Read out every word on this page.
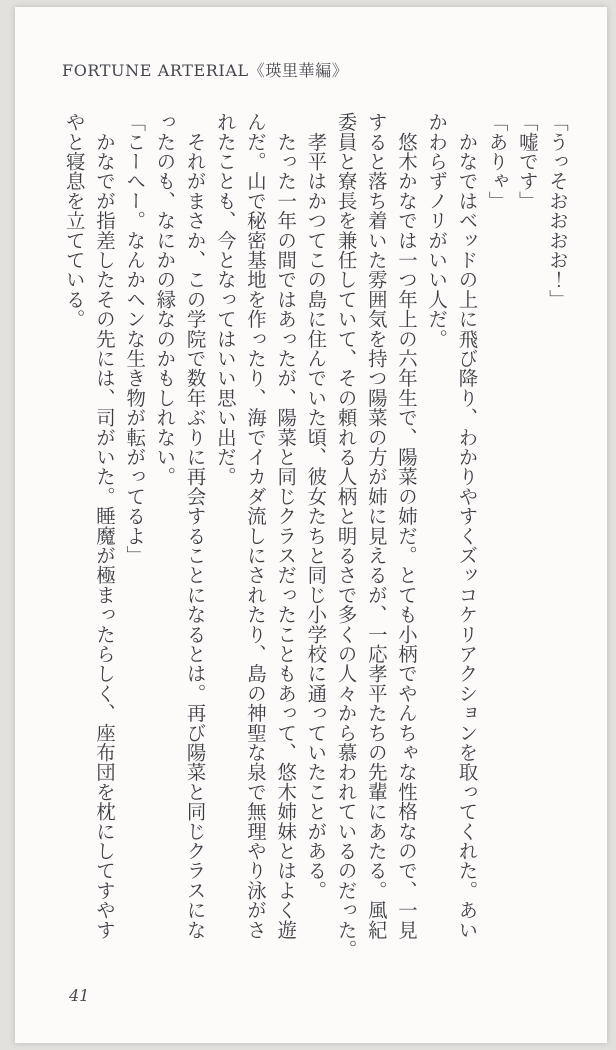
FORTUNE ARTERIAL《瑛里華編》

「うっそおおおお！」

「嘘です」

「ありゃ」

　かなではベッドの上に飛び降り、わかりやすくズッコケリアクションを取ってくれた。あい

かわらずノリがいい人だ。

　悠木かなでは一つ年上の六年生で、陽菜の姉だ。とても小柄でやんちゃな性格なので、一見

すると落ち着いた雰囲気を持つ陽菜の方が姉に見えるが、一応孝平たちの先輩にあたる。風紀

委員と寮長を兼任していて、その頼れる人柄と明るさで多くの人々から慕われているのだった。

　孝平はかつてこの島に住んでいた頃、彼女たちと同じ小学校に通っていたことがある。

　たった一年の間ではあったが、陽菜と同じクラスだったこともあって、悠木姉妹とはよく遊

んだ。山で秘密基地を作ったり、海でイカダ流しにされたり、島の神聖な泉で無理やり泳がさ

れたことも、今となってはいい思い出だ。

　それがまさか、この学院で数年ぶりに再会することになるとは。再び陽菜と同じクラスにな

ったのも、なにかの縁なのかもしれない。

「こーへー。なんかヘンな生き物が転がってるよ」

　かなでが指差したその先には、司がいた。睡魔が極まったらしく、座布団を枕にしてすやす

やと寝息を立てている。

41
